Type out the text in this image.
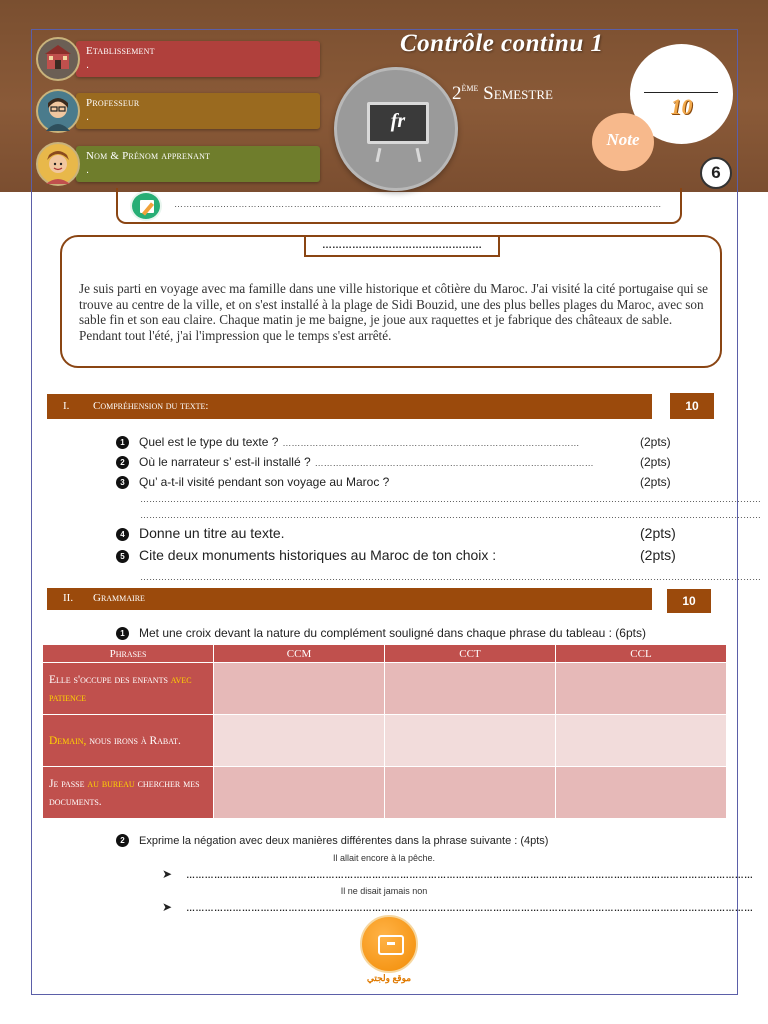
Etablissement
.
Professeur
.
Nom & Prénom apprenant
.
fr
Contrôle continu 1
2ème Semestre
10
Note
6
……………………………………………………………………………………………………………………………………………
…………………………………………

Je suis parti en voyage avec ma famille dans une ville historique et côtière du Maroc. J'ai visité la cité portugaise qui se trouve au centre de la ville, et on s'est installé à la plage de Sidi Bouzid, une des plus belles plages du Maroc, avec son sable fin et son eau claire. Chaque matin je me baigne, je joue aux raquettes et je fabrique des châteaux de sable. Pendant tout l'été, j'ai l'impression que le temps s'est arrêté.

I. Compréhension du texte:	10
1 Quel est le type du texte ? ………………………………………………………………………………………	(2pts)
2 Où le narrateur s’ est-il installé ? …………………………………………………………………………………	(2pts)
3 Qu’ a-t-il visité pendant son voyage au Maroc ?	(2pts)
………………………………………………………………………………………………………………………………………………………………………………………
………………………………………………………………………………………………………………………………………………………………………………………
4 Donne un titre au texte.	(2pts)
5 Cite deux monuments historiques au Maroc de ton choix :	(2pts)
………………………………………………………………………………………………………………………………………………………………………………………
II. Grammaire	10
1 Met une croix devant la nature du complément souligné dans chaque phrase du tableau : (6pts)
Phrases	CCM	CCT	CCL
Elle s'occupe des enfants avec patience			
Demain, nous irons à Rabat.			
Je passe au bureau chercher mes documents.			
2 Exprime la négation avec deux manières différentes dans la phrase suivante : (4pts)
Il allait encore à la pêche.
➤ …………………………………………………………………………………………………………………………………………………………………
Il ne disait jamais non
➤ …………………………………………………………………………………………………………………………………………………………………
موقع ولجتي
